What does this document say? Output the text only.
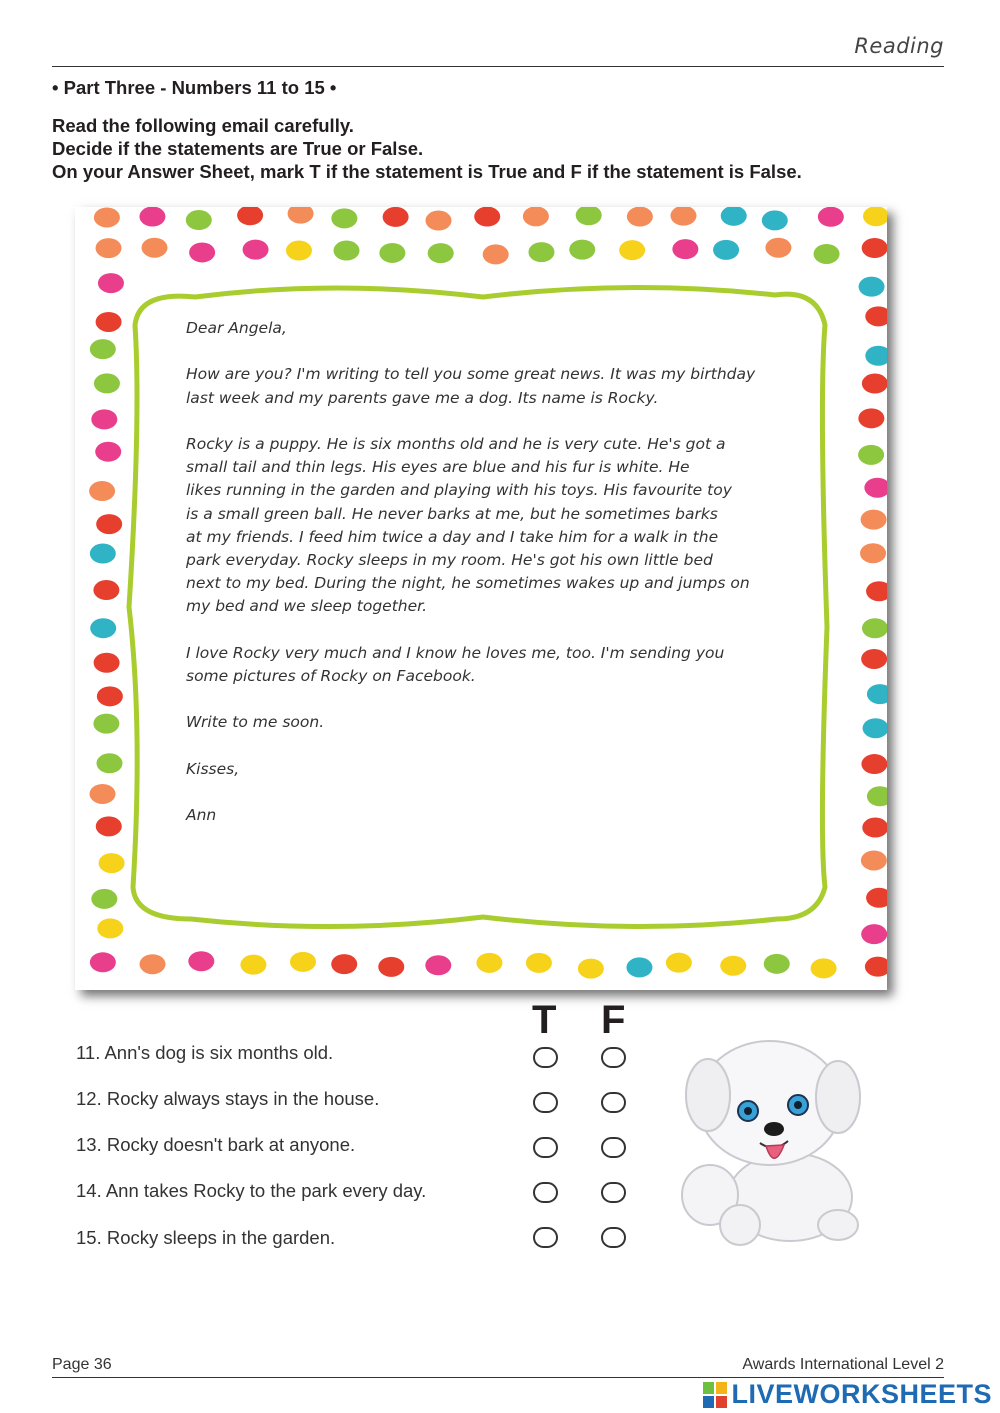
Reading
• Part Three - Numbers 11 to 15 •
Read the following email carefully.
Decide if the statements are True or False.
On your Answer Sheet, mark T if the statement is True and F if the statement is False.

Dear Angela,

How are you? I'm writing to tell you some great news. It was my birthday
last week and my parents gave me a dog. Its name is Rocky.

Rocky is a puppy. He is six months old and he is very cute. He's got a
small tail and thin legs. His eyes are blue and his fur is white. He
likes running in the garden and playing with his toys. His favourite toy
is a small green ball. He never barks at me, but he sometimes barks
at my friends. I feed him twice a day and I take him for a walk in the
park everyday. Rocky sleeps in my room. He's got his own little bed
next to my bed. During the night, he sometimes wakes up and jumps on
my bed and we sleep together.

I love Rocky very much and I know he loves me, too. I'm sending you
some pictures of Rocky on Facebook.

Write to me soon.

Kisses,

Ann

T F
11. Ann's dog is six months old.
12. Rocky always stays in the house.
13. Rocky doesn't bark at anyone.
14. Ann takes Rocky to the park every day.
15. Rocky sleeps in the garden.
Page 36	Awards International Level 2
LIVEWORKSHEETS
